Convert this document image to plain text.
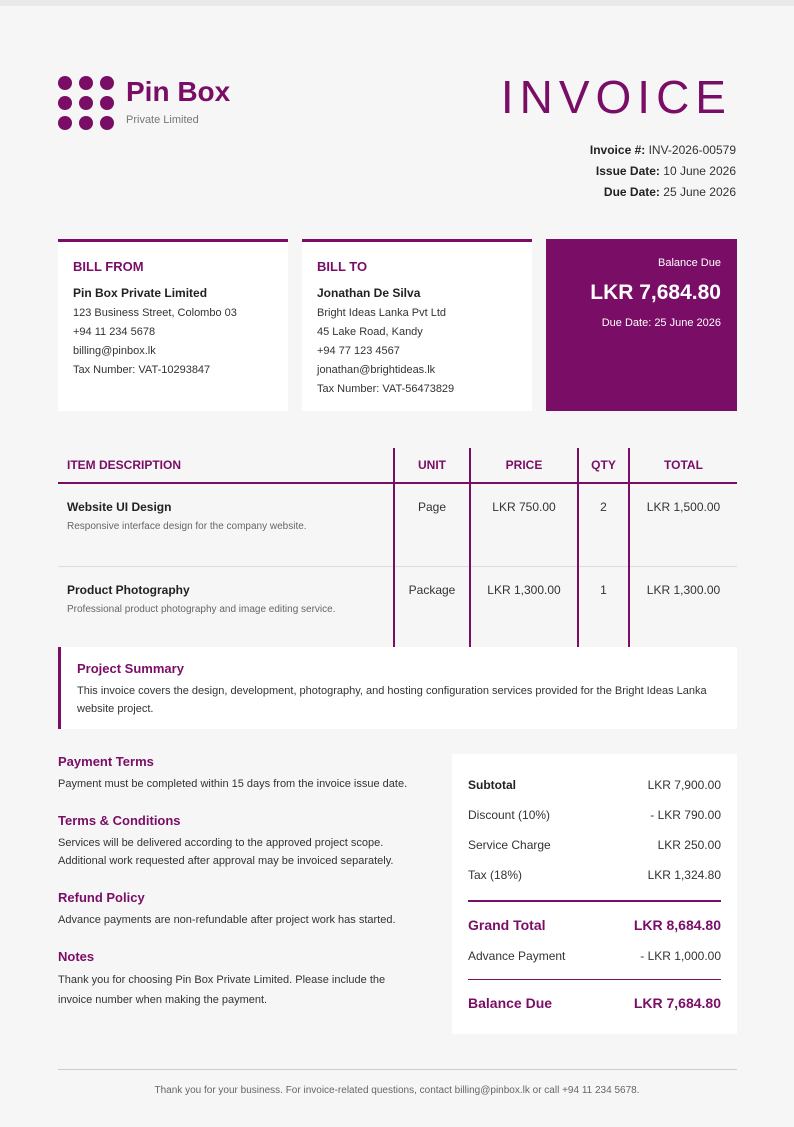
Pin Box
Private Limited	INVOICE
Invoice #: INV-2026-00579
Issue Date: 10 June 2026
Due Date: 25 June 2026
BILL FROM
Pin Box Private Limited
123 Business Street, Colombo 03
+94 11 234 5678
billing@pinbox.lk
Tax Number: VAT-10293847
BILL TO
Jonathan De Silva
Bright Ideas Lanka Pvt Ltd
45 Lake Road, Kandy
+94 77 123 4567
jonathan@brightideas.lk
Tax Number: VAT-56473829
Balance Due
LKR 7,684.80
Due Date: 25 June 2026
ITEM DESCRIPTION	UNIT	PRICE	QTY	TOTAL

Website UI Design
Responsive interface design for the company website.	Page	LKR 750.00	2	LKR 1,500.00

Product Photography
Professional product photography and image editing service.	Package	LKR 1,300.00	1	LKR 1,300.00
Project Summary
This invoice covers the design, development, photography, and hosting configuration services provided for the Bright Ideas Lanka website project.
Payment Terms
Payment must be completed within 15 days from the invoice issue date.
Terms & Conditions
Services will be delivered according to the approved project scope.
Additional work requested after approval may be invoiced separately.
Refund Policy
Advance payments are non-refundable after project work has started.
Notes
Thank you for choosing Pin Box Private Limited. Please include the
invoice number when making the payment.
Subtotal	LKR 7,900.00
Discount (10%)	- LKR 790.00
Service Charge	LKR 250.00
Tax (18%)	LKR 1,324.80
Grand Total	LKR 8,684.80
Advance Payment	- LKR 1,000.00
Balance Due	LKR 7,684.80
Thank you for your business. For invoice-related questions, contact billing@pinbox.lk or call +94 11 234 5678.
